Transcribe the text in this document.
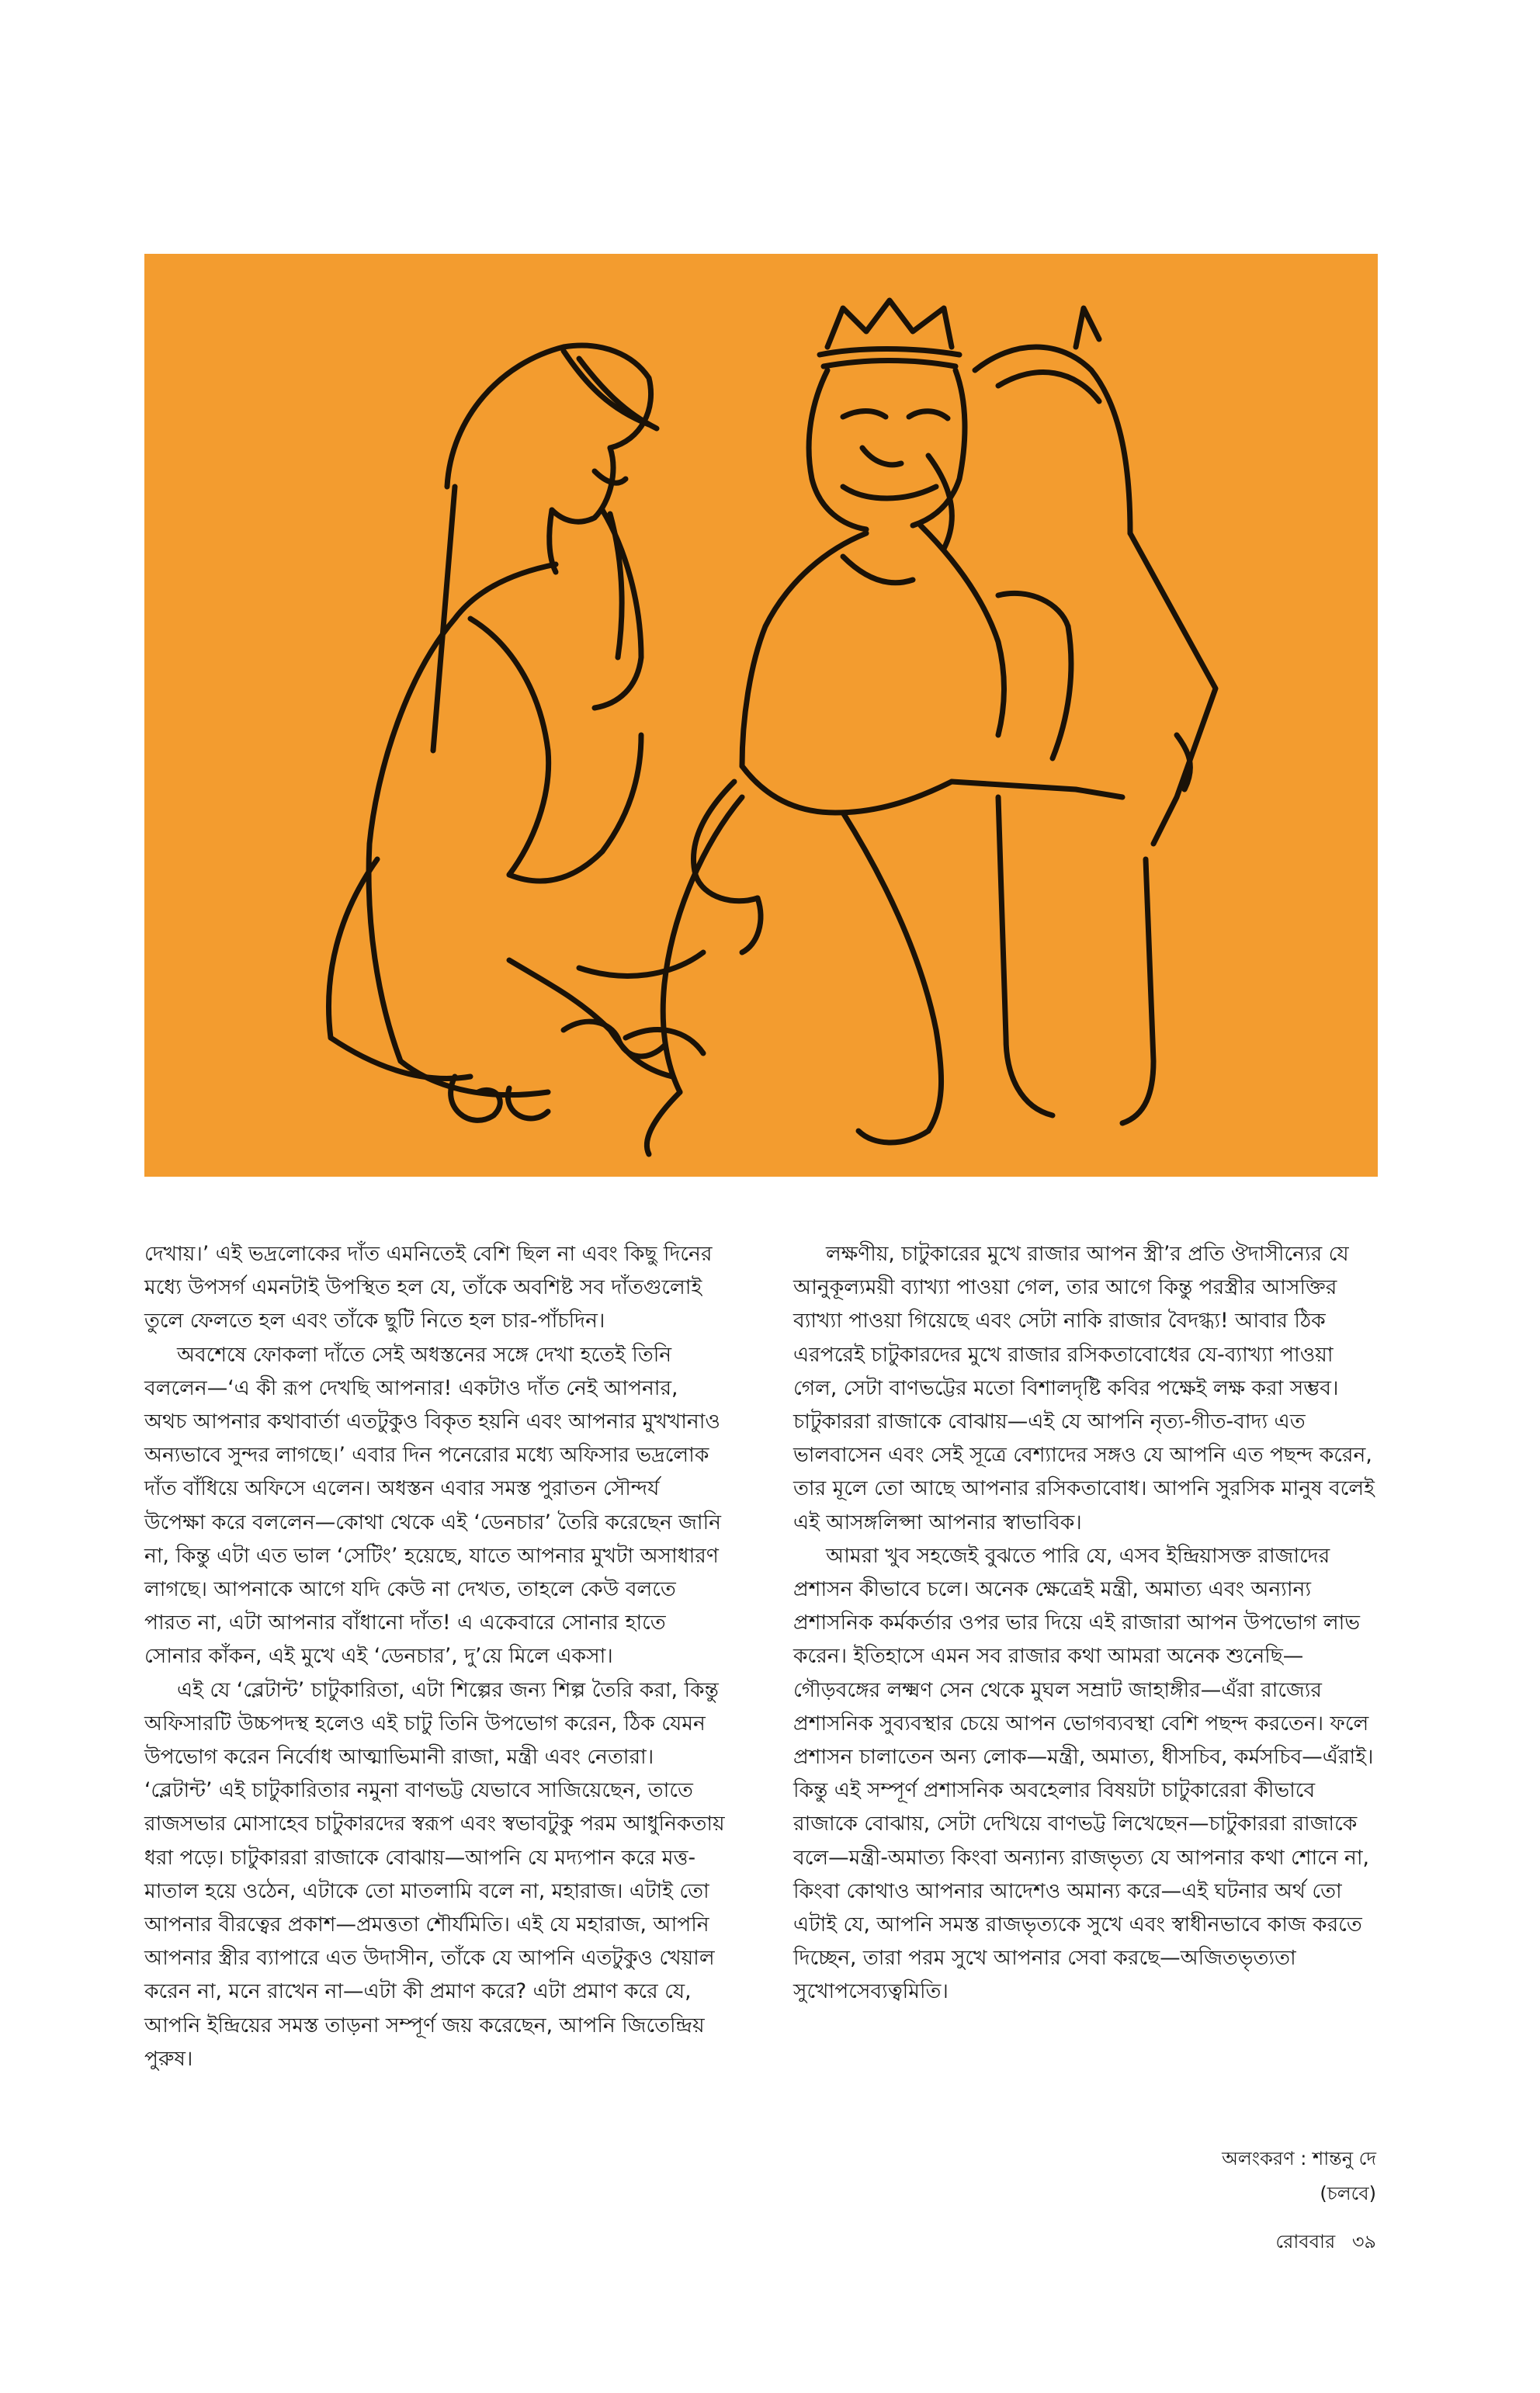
দেখায়।’ এই ভদ্রলোকের দাঁত এমনিতেই বেশি ছিল না এবং কিছু দিনের মধ্যে উপসর্গ এমনটাই উপস্থিত হল যে, তাঁকে অবশিষ্ট সব দাঁতগুলোই তুলে ফেলতে হল এবং তাঁকে ছুটি নিতে হল চার-পাঁচদিন।

অবশেষে ফোকলা দাঁতে সেই অধস্তনের সঙ্গে দেখা হতেই তিনি বললেন—‘এ কী রূপ দেখছি আপনার! একটাও দাঁত নেই আপনার, অথচ আপনার কথাবার্তা এতটুকুও বিকৃত হয়নি এবং আপনার মুখখানাও অন্যভাবে সুন্দর লাগছে।’ এবার দিন পনেরোর মধ্যে অফিসার ভদ্রলোক দাঁত বাঁধিয়ে অফিসে এলেন। অধস্তন এবার সমস্ত পুরাতন সৌন্দর্য উপেক্ষা করে বললেন—কোথা থেকে এই ‘ডেনচার’ তৈরি করেছেন জানি না, কিন্তু এটা এত ভাল ‘সেটিং’ হয়েছে, যাতে আপনার মুখটা অসাধারণ লাগছে। আপনাকে আগে যদি কেউ না দেখত, তাহলে কেউ বলতে পারত না, এটা আপনার বাঁধানো দাঁত! এ একেবারে সোনার হাতে সোনার কাঁকন, এই মুখে এই ‘ডেনচার’, দু’য়ে মিলে একসা।

এই যে ‘ব্লেটান্ট’ চাটুকারিতা, এটা শিল্পের জন্য শিল্প তৈরি করা, কিন্তু অফিসারটি উচ্চপদস্থ হলেও এই চাটু তিনি উপভোগ করেন, ঠিক যেমন উপভোগ করেন নির্বোধ আত্মাভিমানী রাজা, মন্ত্রী এবং নেতারা। ‘ব্লেটান্ট’ এই চাটুকারিতার নমুনা বাণভট্ট যেভাবে সাজিয়েছেন, তাতে রাজসভার মোসাহেব চাটুকারদের স্বরূপ এবং স্বভাবটুকু পরম আধুনিকতায় ধরা পড়ে। চাটুকাররা রাজাকে বোঝায়—আপনি যে মদ্যপান করে মত্ত-মাতাল হয়ে ওঠেন, এটাকে তো মাতলামি বলে না, মহারাজ। এটাই তো আপনার বীরত্বের প্রকাশ—প্রমত্ততা শৌর্যমিতি। এই যে মহারাজ, আপনি আপনার স্ত্রীর ব্যাপারে এত উদাসীন, তাঁকে যে আপনি এতটুকুও খেয়াল করেন না, মনে রাখেন না—এটা কী প্রমাণ করে? এটা প্রমাণ করে যে, আপনি ইন্দ্রিয়ের সমস্ত তাড়না সম্পূর্ণ জয় করেছেন, আপনি জিতেন্দ্রিয় পুরুষ।

লক্ষণীয়, চাটুকারের মুখে রাজার আপন স্ত্রী’র প্রতি ঔদাসীন্যের যে আনুকূল্যময়ী ব্যাখ্যা পাওয়া গেল, তার আগে কিন্তু পরস্ত্রীর আসক্তির ব্যাখ্যা পাওয়া গিয়েছে এবং সেটা নাকি রাজার বৈদগ্ধ্য! আবার ঠিক এরপরেই চাটুকারদের মুখে রাজার রসিকতাবোধের যে-ব্যাখ্যা পাওয়া গেল, সেটা বাণভট্টের মতো বিশালদৃষ্টি কবির পক্ষেই লক্ষ করা সম্ভব। চাটুকাররা রাজাকে বোঝায়—এই যে আপনি নৃত্য-গীত-বাদ্য এত ভালবাসেন এবং সেই সূত্রে বেশ্যাদের সঙ্গও যে আপনি এত পছন্দ করেন, তার মূলে তো আছে আপনার রসিকতাবোধ। আপনি সুরসিক মানুষ বলেই এই আসঙ্গলিপ্সা আপনার স্বাভাবিক।

আমরা খুব সহজেই বুঝতে পারি যে, এসব ইন্দ্রিয়াসক্ত রাজাদের প্রশাসন কীভাবে চলে। অনেক ক্ষেত্রেই মন্ত্রী, অমাত্য এবং অন্যান্য প্রশাসনিক কর্মকর্তার ওপর ভার দিয়ে এই রাজারা আপন উপভোগ লাভ করেন। ইতিহাসে এমন সব রাজার কথা আমরা অনেক শুনেছি—গৌড়বঙ্গের লক্ষ্মণ সেন থেকে মুঘল সম্রাট জাহাঙ্গীর—এঁরা রাজ্যের প্রশাসনিক সুব্যবস্থার চেয়ে আপন ভোগব্যবস্থা বেশি পছন্দ করতেন। ফলে প্রশাসন চালাতেন অন্য লোক—মন্ত্রী, অমাত্য, ধীসচিব, কর্মসচিব—এঁরাই। কিন্তু এই সম্পূর্ণ প্রশাসনিক অবহেলার বিষয়টা চাটুকারেরা কীভাবে রাজাকে বোঝায়, সেটা দেখিয়ে বাণভট্ট লিখেছেন—চাটুকাররা রাজাকে বলে—মন্ত্রী-অমাত্য কিংবা অন্যান্য রাজভৃত্য যে আপনার কথা শোনে না, কিংবা কোথাও আপনার আদেশও অমান্য করে—এই ঘটনার অর্থ তো এটাই যে, আপনি সমস্ত রাজভৃত্যকে সুখে এবং স্বাধীনভাবে কাজ করতে দিচ্ছেন, তারা পরম সুখে আপনার সেবা করছে—অজিতভৃত্যতা সুখোপসেব্যত্বমিতি।

অলংকরণ : শান্তনু দে
(চলবে)
রোববার ৩৯
